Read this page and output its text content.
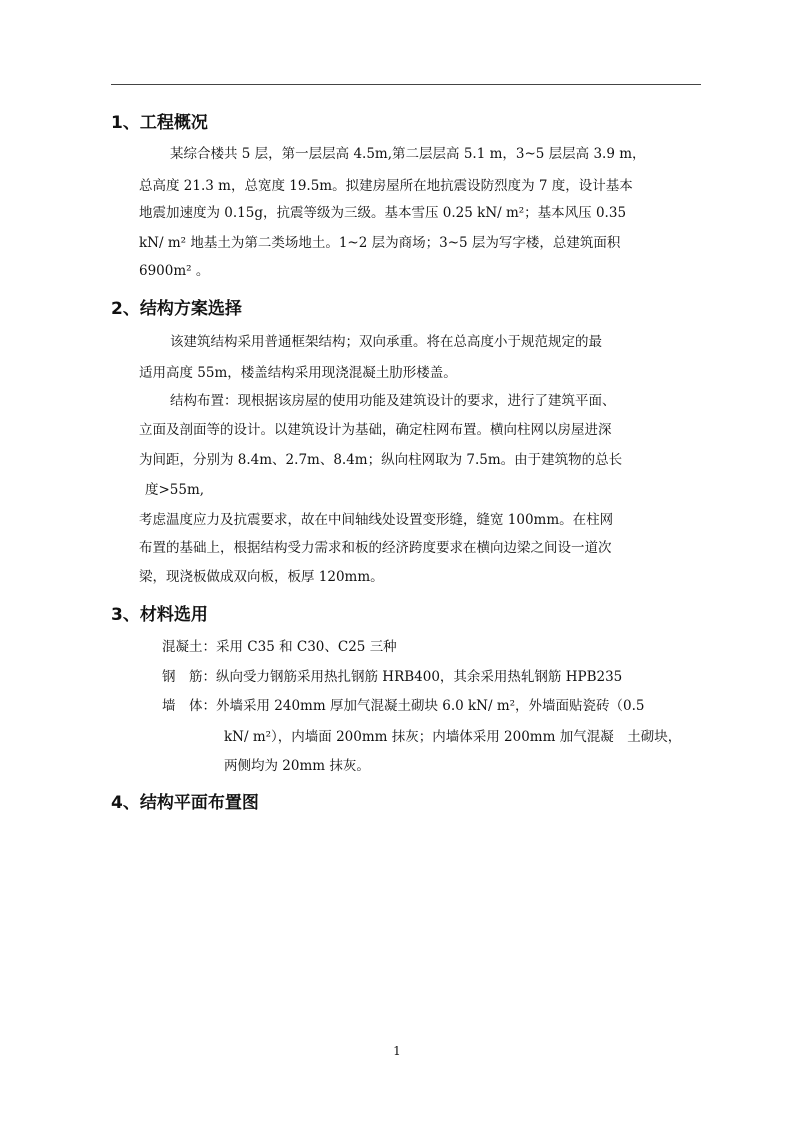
1、工程概况
某综合楼共 5 层，第一层层高 4.5m,第二层层高 5.1 m，3~5 层层高 3.9 m，
总高度 21.3 m，总宽度 19.5m。拟建房屋所在地抗震设防烈度为 7 度，设计基本
地震加速度为 0.15g，抗震等级为三级。基本雪压 0.25 kN/ m²；基本风压 0.35
kN/ m² 地基土为第二类场地土。1~2 层为商场；3~5 层为写字楼，总建筑面积
6900m² 。
2、结构方案选择
该建筑结构采用普通框架结构；双向承重。将在总高度小于规范规定的最
适用高度 55m，楼盖结构采用现浇混凝土肋形楼盖。
结构布置：现根据该房屋的使用功能及建筑设计的要求，进行了建筑平面、
立面及剖面等的设计。以建筑设计为基础，确定柱网布置。横向柱网以房屋进深
为间距，分别为 8.4m、2.7m、8.4m；纵向柱网取为 7.5m。由于建筑物的总长
度>55m,
考虑温度应力及抗震要求，故在中间轴线处设置变形缝，缝宽 100mm。在柱网
布置的基础上，根据结构受力需求和板的经济跨度要求在横向边梁之间设一道次
梁，现浇板做成双向板，板厚 120mm。
3、材料选用
混凝土：采用 C35 和 C30、C25 三种
钢　筋：纵向受力钢筋采用热扎钢筋 HRB400，其余采用热轧钢筋 HPB235
墙　体：外墙采用 240mm 厚加气混凝土砌块 6.0 kN/ m²，外墙面贴瓷砖（0.5
kN/ m²），内墙面 200mm 抹灰；内墙体采用 200mm 加气混凝　土砌块，
两侧均为 20mm 抹灰。
4、结构平面布置图
1
